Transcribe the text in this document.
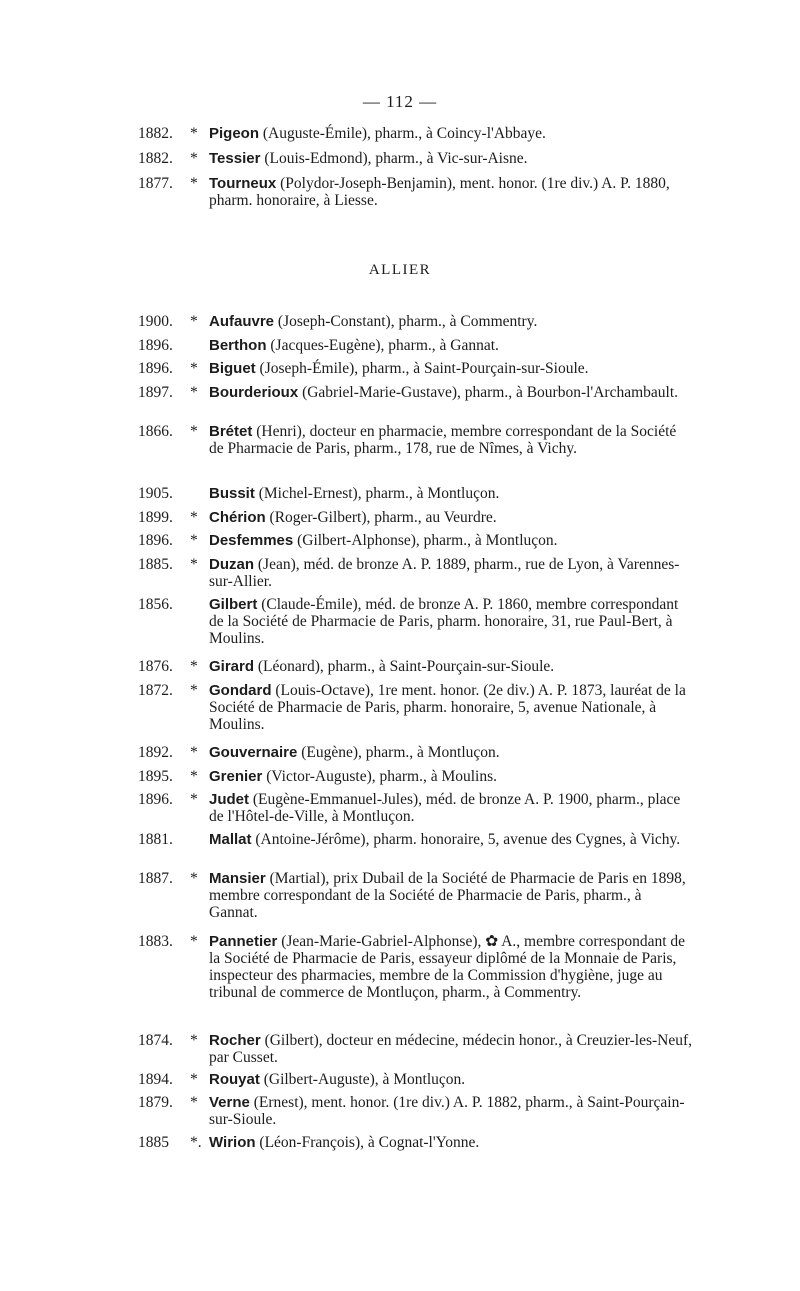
— 112 —

1882. * Pigeon (Auguste-Émile), pharm., à Coincy-l'Abbaye.

1882. * Tessier (Louis-Edmond), pharm., à Vic-sur-Aisne.

1877. * Tourneux (Polydor-Joseph-Benjamin), ment. honor. (1re div.) A. P. 1880, pharm. honoraire, à Liesse.

ALLIER

1900. * Aufauvre (Joseph-Constant), pharm., à Commentry.

1896. Berthon (Jacques-Eugène), pharm., à Gannat.

1896. * Biguet (Joseph-Émile), pharm., à Saint-Pourçain-sur-Sioule.

1897. * Bourderioux (Gabriel-Marie-Gustave), pharm., à Bourbon-l'Archambault.

1866. * Brétet (Henri), docteur en pharmacie, membre correspondant de la Société de Pharmacie de Paris, pharm., 178, rue de Nîmes, à Vichy.

1905. Bussit (Michel-Ernest), pharm., à Montluçon.

1899. * Chérion (Roger-Gilbert), pharm., au Veurdre.

1896. * Desfemmes (Gilbert-Alphonse), pharm., à Montluçon.

1885. * Duzan (Jean), méd. de bronze A. P. 1889, pharm., rue de Lyon, à Varennes-sur-Allier.

1856. Gilbert (Claude-Émile), méd. de bronze A. P. 1860, membre correspondant de la Société de Pharmacie de Paris, pharm. honoraire, 31, rue Paul-Bert, à Moulins.

1876. * Girard (Léonard), pharm., à Saint-Pourçain-sur-Sioule.

1872. * Gondard (Louis-Octave), 1re ment. honor. (2e div.) A. P. 1873, lauréat de la Société de Pharmacie de Paris, pharm. honoraire, 5, avenue Nationale, à Moulins.

1892. * Gouvernaire (Eugène), pharm., à Montluçon.

1895. * Grenier (Victor-Auguste), pharm., à Moulins.

1896. * Judet (Eugène-Emmanuel-Jules), méd. de bronze A. P. 1900, pharm., place de l'Hôtel-de-Ville, à Montluçon.

1881. Mallat (Antoine-Jérôme), pharm. honoraire, 5, avenue des Cygnes, à Vichy.

1887. * Mansier (Martial), prix Dubail de la Société de Pharmacie de Paris en 1898, membre correspondant de la Société de Pharmacie de Paris, pharm., à Gannat.

1883. * Pannetier (Jean-Marie-Gabriel-Alphonse), ✿ A., membre correspondant de la Société de Pharmacie de Paris, essayeur diplômé de la Monnaie de Paris, inspecteur des pharmacies, membre de la Commission d'hygiène, juge au tribunal de commerce de Montluçon, pharm., à Commentry.

1874. * Rocher (Gilbert), docteur en médecine, médecin honor., à Creuzier-les-Neuf, par Cusset.

1894. * Rouyat (Gilbert-Auguste), à Montluçon.

1879. * Verne (Ernest), ment. honor. (1re div.) A. P. 1882, pharm., à Saint-Pourçain-sur-Sioule.

1885	*. Wirion (Léon-François), à Cognat-l'Yonne.
